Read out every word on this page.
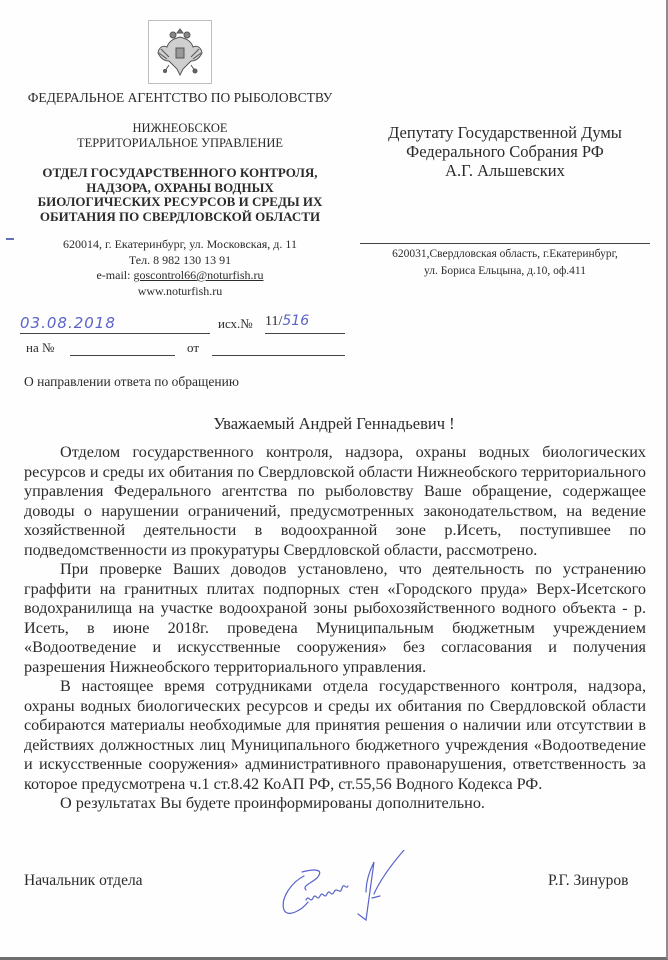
ФЕДЕРАЛЬНОЕ АГЕНТСТВО ПО РЫБОЛОВСТВУ
НИЖНЕОБСКОЕ
ТЕРРИТОРИАЛЬНОЕ УПРАВЛЕНИЕ
ОТДЕЛ ГОСУДАРСТВЕННОГО КОНТРОЛЯ,
НАДЗОРА, ОХРАНЫ ВОДНЫХ
БИОЛОГИЧЕСКИХ РЕСУРСОВ И СРЕДЫ ИХ
ОБИТАНИЯ ПО СВЕРДЛОВСКОЙ ОБЛАСТИ
620014, г. Екатеринбург, ул. Московская, д. 11
Тел. 8 982 130 13 91
e-mail: goscontrol66@noturfish.ru
www.noturfish.ru
Депутату Государственной Думы
Федерального Собрания РФ
А.Г. Альшевских
620031,Свердловская область, г.Екатеринбург,
ул. Бориса Ельцына, д.10, оф.411
03.08.2018	исх.№ 11/516
на №	от
О направлении ответа по обращению
Уважаемый Андрей Геннадьевич !

Отделом государственного контроля, надзора, охраны водных биологических ресурсов и среды их обитания по Свердловской области Нижнеобского территориального управления Федерального агентства по рыболовству Ваше обращение, содержащее доводы о нарушении ограничений, предусмотренных законодательством, на ведение хозяйственной деятельности в водоохранной зоне р.Исеть, поступившее по подведомственности из прокуратуры Свердловской области, рассмотрено.

При проверке Ваших доводов установлено, что деятельность по устранению граффити на гранитных плитах подпорных стен «Городского пруда» Верх-Исетского водохранилища на участке водоохраной зоны рыбохозяйственного водного объекта - р. Исеть, в июне 2018г. проведена Муниципальным бюджетным учреждением «Водоотведение и искусственные сооружения» без согласования и получения разрешения Нижнеобского территориального управления.

В настоящее время сотрудниками отдела государственного контроля, надзора, охраны водных биологических ресурсов и среды их обитания по Свердловской области собираются материалы необходимые для принятия решения о наличии или отсутствии в действиях должностных лиц Муниципального бюджетного учреждения «Водоотведение и искусственные сооружения» административного правонарушения, ответственность за которое предусмотрена ч.1 ст.8.42 КоАП РФ, ст.55,56 Водного Кодекса РФ.

О результатах Вы будете проинформированы дополнительно.

Начальник отдела	Р.Г. Зинуров
